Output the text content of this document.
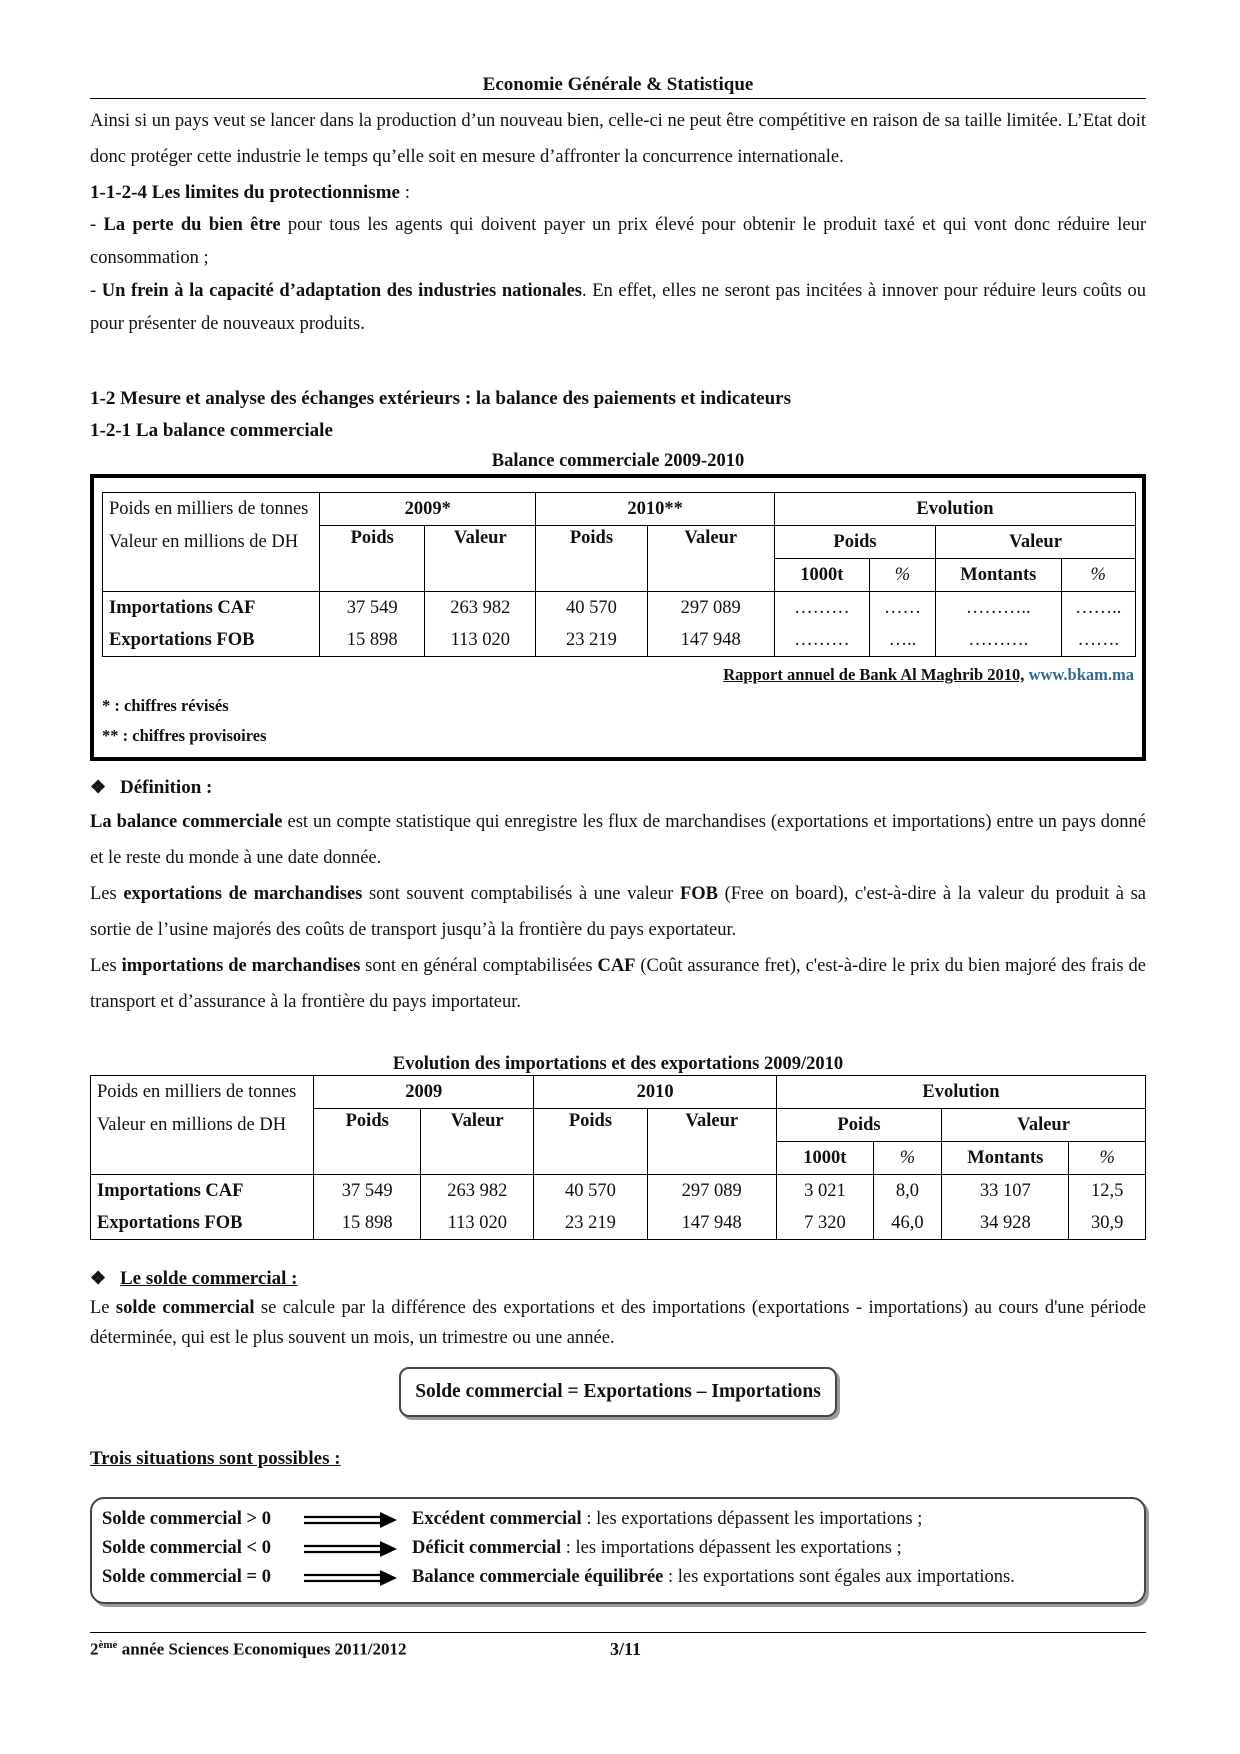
Economie Générale & Statistique

Ainsi si un pays veut se lancer dans la production d’un nouveau bien, celle-ci ne peut être compétitive en raison de sa taille limitée. L’Etat doit donc protéger cette industrie le temps qu’elle soit en mesure d’affronter la concurrence internationale.

1-1-2-4 Les limites du protectionnisme :

- La perte du bien être pour tous les agents qui doivent payer un prix élevé pour obtenir le produit taxé et qui vont donc réduire leur consommation ;

- Un frein à la capacité d’adaptation des industries nationales. En effet, elles ne seront pas incitées à innover pour réduire leurs coûts ou pour présenter de nouveaux produits.

1-2 Mesure et analyse des échanges extérieurs : la balance des paiements et indicateurs

1-2-1 La balance commerciale

Balance commerciale 2009-2010

Poids en milliers de tonnes	2009*		2010**		Evolution			
Valeur en millions de DH	Poids	Valeur	Poids	Valeur	Poids		Valeur	
					1000t	%	Montants	%
Importations CAF	37 549	263 982	40 570	297 089	………	……	………..	……..
Exportations FOB	15 898	113 020	23 219	147 948	………	…..	……….	…….
Rapport annuel de Bank Al Maghrib 2010, www.bkam.ma

* : chiffres révisés

** : chiffres provisoires

❖ Définition :

La balance commerciale est un compte statistique qui enregistre les flux de marchandises (exportations et importations) entre un pays donné et le reste du monde à une date donnée.

Les exportations de marchandises sont souvent comptabilisés à une valeur FOB (Free on board), c'est-à-dire à la valeur du produit à sa sortie de l’usine majorés des coûts de transport jusqu’à la frontière du pays exportateur.

Les importations de marchandises sont en général comptabilisées CAF (Coût assurance fret), c'est-à-dire le prix du bien majoré des frais de transport et d’assurance à la frontière du pays importateur.

Evolution des importations et des exportations 2009/2010

Poids en milliers de tonnes	2009		2010		Evolution			
Valeur en millions de DH	Poids	Valeur	Poids	Valeur	Poids		Valeur	
					1000t	%	Montants	%
Importations CAF	37 549	263 982	40 570	297 089	3 021	8,0	33 107	12,5
Exportations FOB	15 898	113 020	23 219	147 948	7 320	46,0	34 928	30,9

❖ Le solde commercial :

Le solde commercial se calcule par la différence des exportations et des importations (exportations - importations) au cours d'une période déterminée, qui est le plus souvent un mois, un trimestre ou une année.

Solde commercial = Exportations – Importations

Trois situations sont possibles :

Solde commercial > 0	Excédent commercial : les exportations dépassent les importations ;
Solde commercial < 0	Déficit commercial : les importations dépassent les exportations ;
Solde commercial = 0	Balance commerciale équilibrée : les exportations sont égales aux importations.
2ème année Sciences Economiques 2011/2012	3/11
